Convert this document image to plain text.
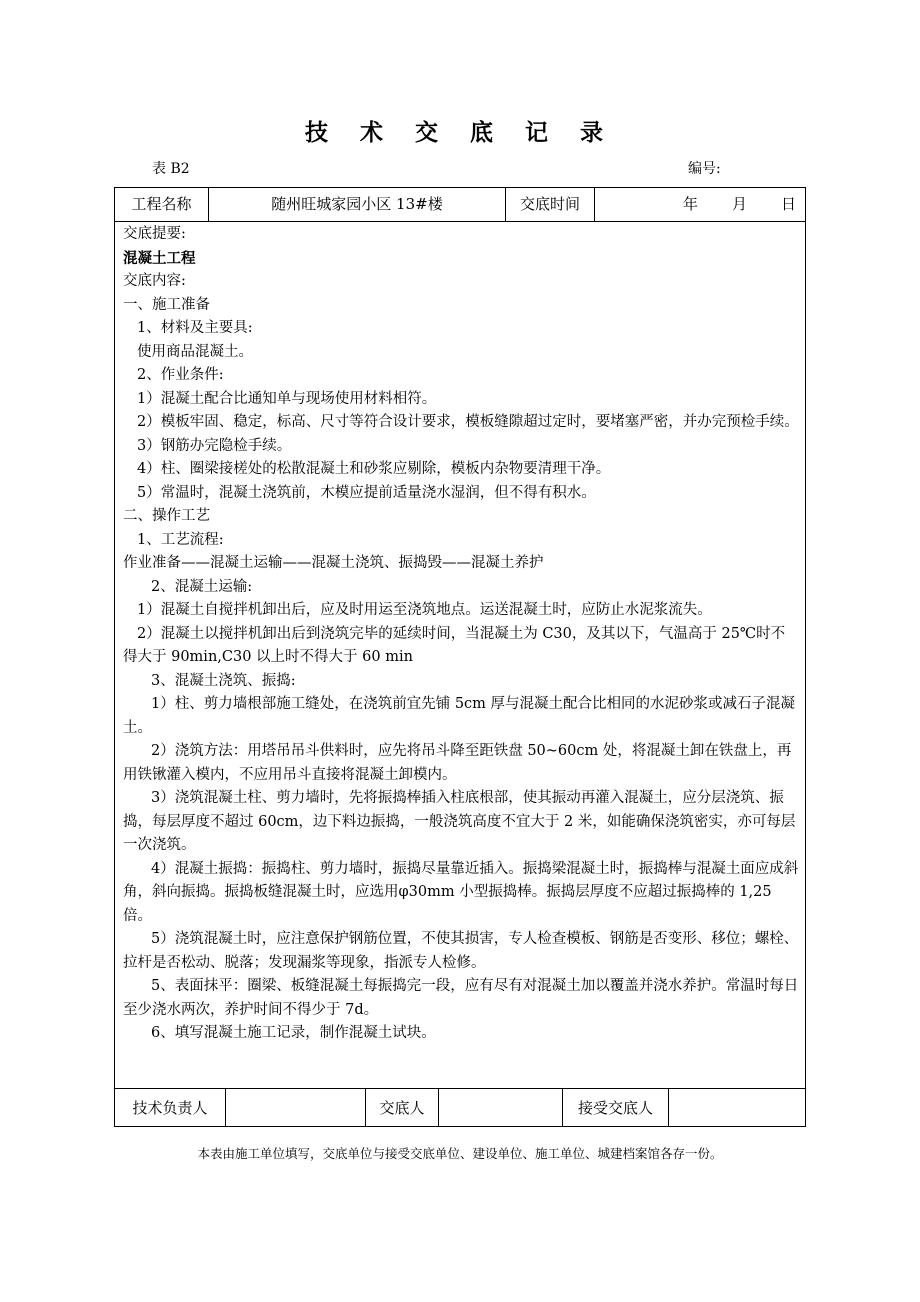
技 术 交 底 记 录
表 B2	编号:
工程名称	随州旺城家园小区 13#楼	交底时间	年 月 日

交底提要:

混凝土工程

交底内容:

一、施工准备

1、材料及主要具:

使用商品混凝土。

2、作业条件:

1）混凝土配合比通知单与现场使用材料相符。

2）模板牢固、稳定，标高、尺寸等符合设计要求，模板缝隙超过定时，要堵塞严密，并办完预检手续。

3）钢筋办完隐检手续。

4）柱、圈梁接槎处的松散混凝土和砂浆应剔除，模板内杂物要清理干净。

5）常温时，混凝土浇筑前，木模应提前适量浇水湿润，但不得有积水。

二、操作工艺

1、工艺流程:

作业准备——混凝土运输——混凝土浇筑、振捣毁——混凝土养护

2、混凝土运输:

1）混凝土自搅拌机卸出后，应及时用运至浇筑地点。运送混凝土时，应防止水泥浆流失。

2）混凝土以搅拌机卸出后到浇筑完毕的延续时间，当混凝土为 C30，及其以下，气温高于 25℃时不得大于 90min,C30 以上时不得大于 60 min

3、混凝土浇筑、振捣:

1）柱、剪力墙根部施工缝处，在浇筑前宜先铺 5cm 厚与混凝土配合比相同的水泥砂浆或减石子混凝土。

2）浇筑方法：用塔吊吊斗供料时，应先将吊斗降至距铁盘 50~60cm 处，将混凝土卸在铁盘上，再用铁锹灌入模内，不应用吊斗直接将混凝土卸模内。

3）浇筑混凝土柱、剪力墙时，先将振捣棒插入柱底根部，使其振动再灌入混凝土，应分层浇筑、振捣，每层厚度不超过 60cm，边下料边振捣，一般浇筑高度不宜大于 2 米，如能确保浇筑密实，亦可每层一次浇筑。

4）混凝土振捣：振捣柱、剪力墙时，振捣尽量靠近插入。振捣梁混凝土时，振捣棒与混凝土面应成斜角，斜向振捣。振捣板缝混凝土时，应选用φ30mm 小型振捣棒。振捣层厚度不应超过振捣棒的 1,25 倍。

5）浇筑混凝土时，应注意保护钢筋位置，不使其损害，专人检查模板、钢筋是否变形、移位；螺栓、拉杆是否松动、脱落；发现漏浆等现象，指派专人检修。

5、表面抹平：圈梁、板缝混凝土每振捣完一段，应有尽有对混凝土加以覆盖并浇水养护。常温时每日至少浇水两次，养护时间不得少于 7d。

6、填写混凝土施工记录，制作混凝土试块。

技术负责人	交底人	接受交底人
本表由施工单位填写，交底单位与接受交底单位、建设单位、施工单位、城建档案馆各存一份。
